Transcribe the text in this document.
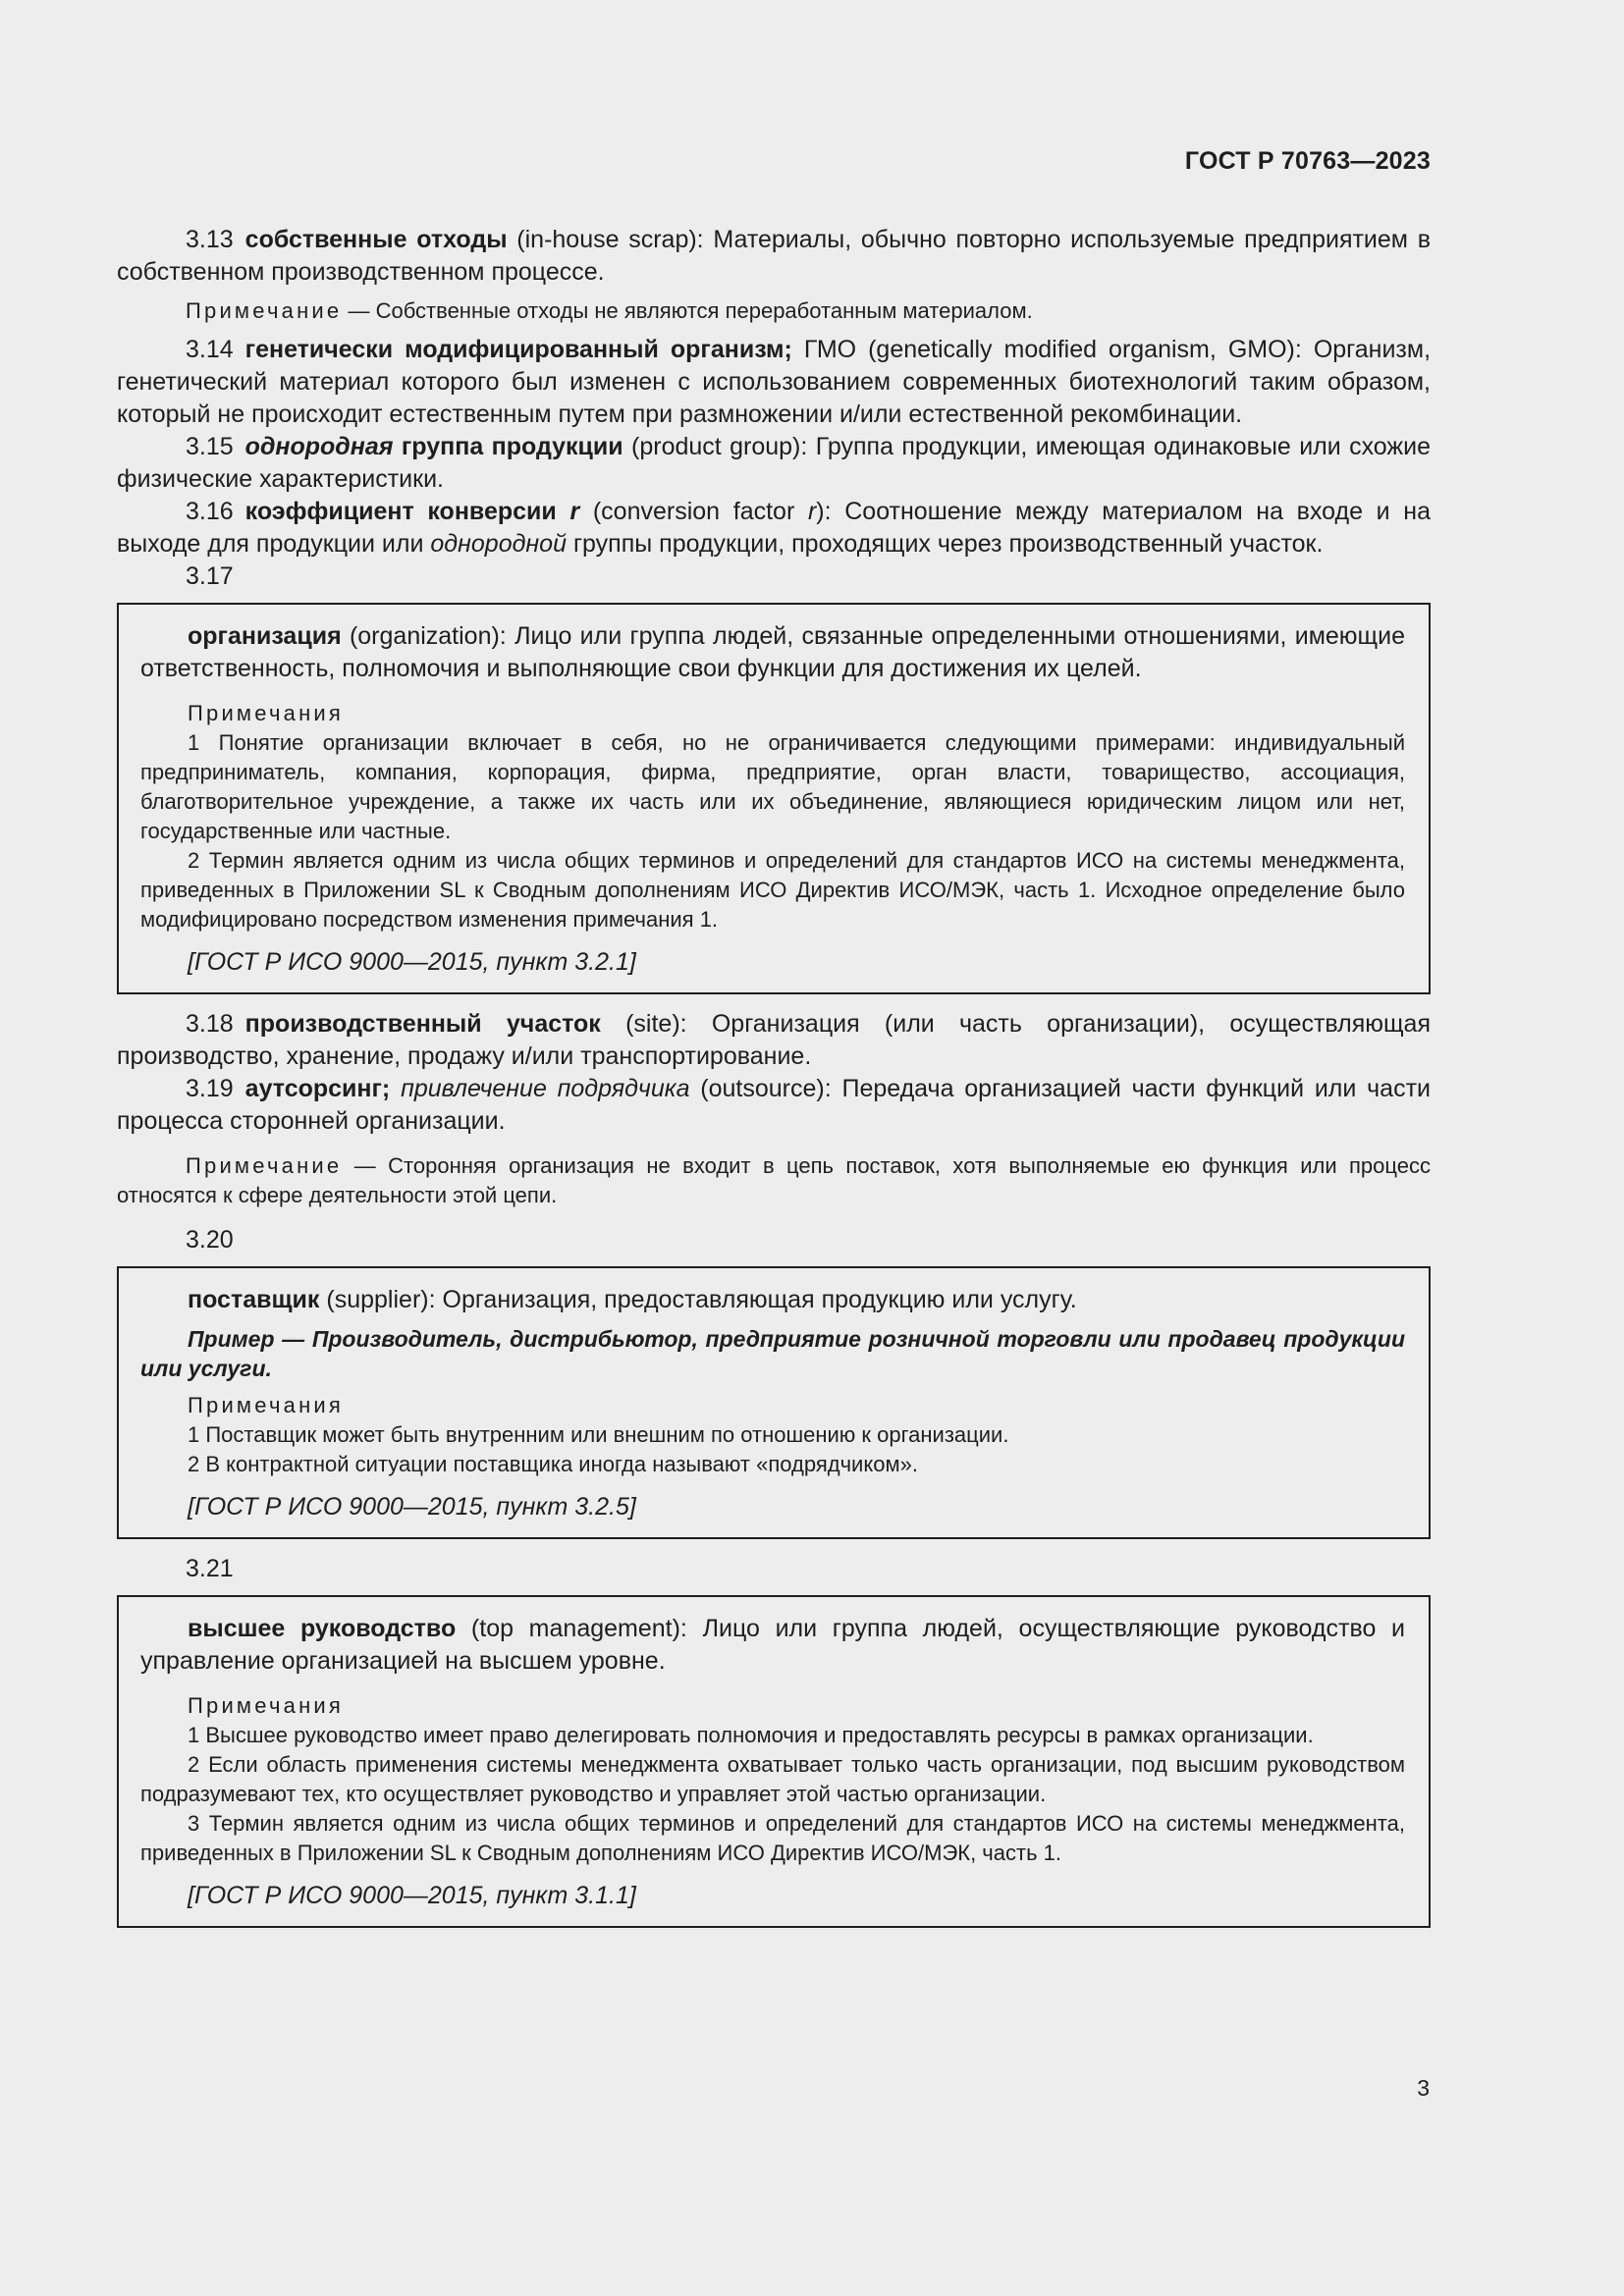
ГОСТ Р 70763—2023

3.13 собственные отходы (in-house scrap): Материалы, обычно повторно используемые предприятием в собственном производственном процессе.

Примечание — Собственные отходы не являются переработанным материалом.

3.14 генетически модифицированный организм; ГМО (genetically modified organism, GMO): Организм, генетический материал которого был изменен с использованием современных биотехнологий таким образом, который не происходит естественным путем при размножении и/или естественной рекомбинации.

3.15 однородная группа продукции (product group): Группа продукции, имеющая одинаковые или схожие физические характеристики.

3.16 коэффициент конверсии r (conversion factor r): Соотношение между материалом на входе и на выходе для продукции или однородной группы продукции, проходящих через производственный участок.

3.17

организация (organization): Лицо или группа людей, связанные определенными отношениями, имеющие ответственность, полномочия и выполняющие свои функции для достижения их целей.

Примечания

1 Понятие организации включает в себя, но не ограничивается следующими примерами: индивидуальный предприниматель, компания, корпорация, фирма, предприятие, орган власти, товарищество, ассоциация, благотворительное учреждение, а также их часть или их объединение, являющиеся юридическим лицом или нет, государственные или частные.

2 Термин является одним из числа общих терминов и определений для стандартов ИСО на системы менеджмента, приведенных в Приложении SL к Сводным дополнениям ИСО Директив ИСО/МЭК, часть 1. Исходное определение было модифицировано посредством изменения примечания 1.

[ГОСТ Р ИСО 9000—2015, пункт 3.2.1]

3.18 производственный участок (site): Организация (или часть организации), осуществляющая производство, хранение, продажу и/или транспортирование.

3.19 аутсорсинг; привлечение подрядчика (outsource): Передача организацией части функций или части процесса сторонней организации.

Примечание — Сторонняя организация не входит в цепь поставок, хотя выполняемые ею функция или процесс относятся к сфере деятельности этой цепи.

3.20

поставщик (supplier): Организация, предоставляющая продукцию или услугу.

Пример — Производитель, дистрибьютор, предприятие розничной торговли или продавец продукции или услуги.

Примечания

1 Поставщик может быть внутренним или внешним по отношению к организации.

2 В контрактной ситуации поставщика иногда называют «подрядчиком».

[ГОСТ Р ИСО 9000—2015, пункт 3.2.5]

3.21

высшее руководство (top management): Лицо или группа людей, осуществляющие руководство и управление организацией на высшем уровне.

Примечания

1 Высшее руководство имеет право делегировать полномочия и предоставлять ресурсы в рамках организации.

2 Если область применения системы менеджмента охватывает только часть организации, под высшим руководством подразумевают тех, кто осуществляет руководство и управляет этой частью организации.

3 Термин является одним из числа общих терминов и определений для стандартов ИСО на системы менеджмента, приведенных в Приложении SL к Сводным дополнениям ИСО Директив ИСО/МЭК, часть 1.

[ГОСТ Р ИСО 9000—2015, пункт 3.1.1]

3
